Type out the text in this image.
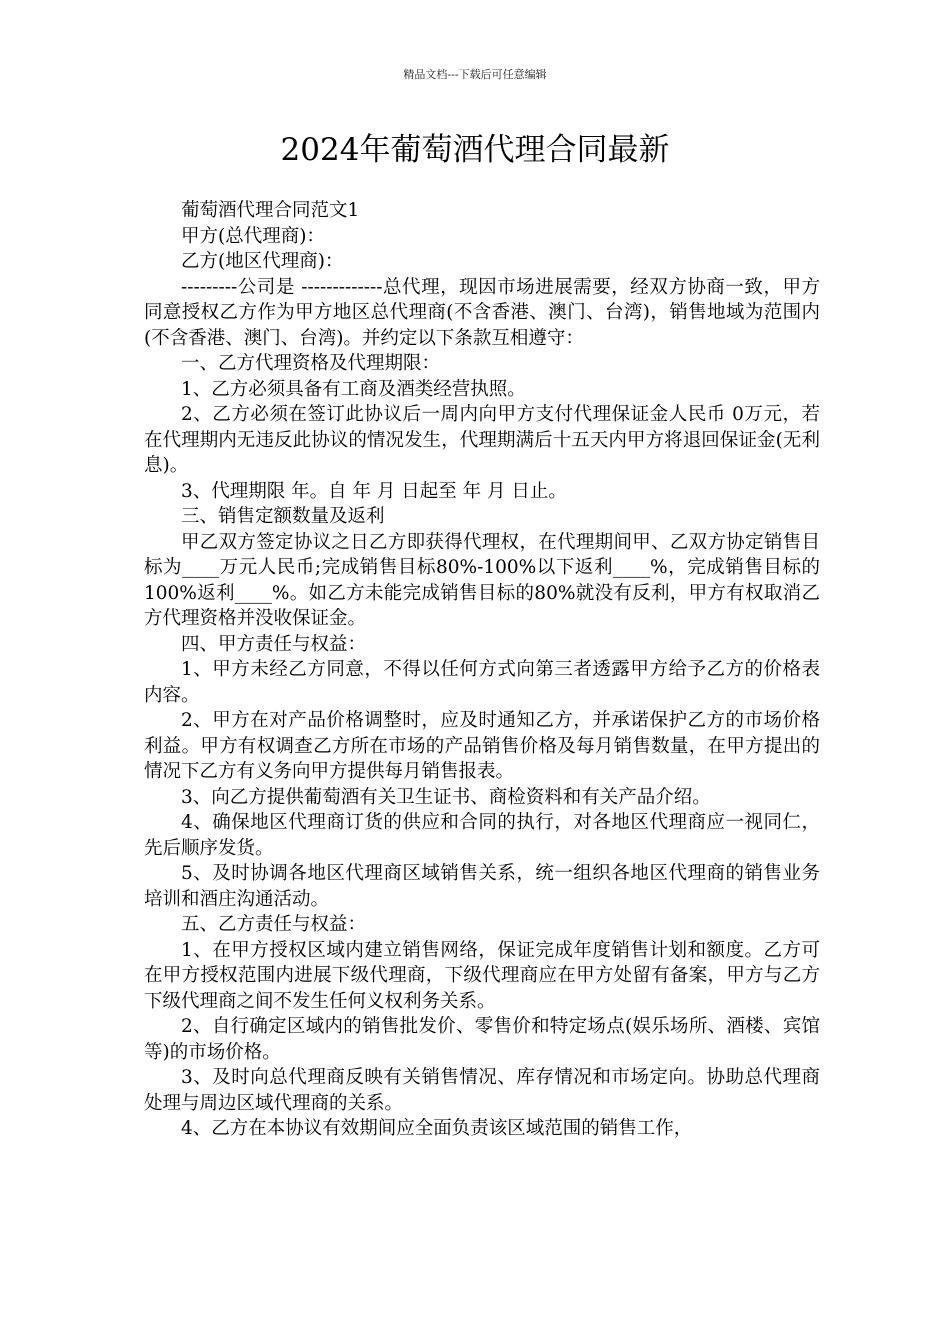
精品文档---下载后可任意编辑
2024年葡萄酒代理合同最新

葡萄酒代理合同范文1

甲方(总代理商)：

乙方(地区代理商)：

---------公司是 -------------总代理，现因市场进展需要，经双方协商一致，甲方同意授权乙方作为甲方地区总代理商(不含香港、澳门、台湾)，销售地域为范围内(不含香港、澳门、台湾)。并约定以下条款互相遵守：

一、乙方代理资格及代理期限：

1、乙方必须具备有工商及酒类经营执照。

2、乙方必须在签订此协议后一周内向甲方支付代理保证金人民币 0万元，若在代理期内无违反此协议的情况发生，代理期满后十五天内甲方将退回保证金(无利息)。

3、代理期限 年。自 年 月 日起至 年 月 日止。

三、销售定额数量及返利

甲乙双方签定协议之日乙方即获得代理权，在代理期间甲、乙双方协定销售目标为____万元人民币;完成销售目标80%-100%以下返利____%，完成销售目标的100%返利____%。如乙方未能完成销售目标的80%就没有反利，甲方有权取消乙方代理资格并没收保证金。

四、甲方责任与权益：

1、甲方未经乙方同意，不得以任何方式向第三者透露甲方给予乙方的价格表内容。

2、甲方在对产品价格调整时，应及时通知乙方，并承诺保护乙方的市场价格利益。甲方有权调查乙方所在市场的产品销售价格及每月销售数量，在甲方提出的情况下乙方有义务向甲方提供每月销售报表。

3、向乙方提供葡萄酒有关卫生证书、商检资料和有关产品介绍。

4、确保地区代理商订货的供应和合同的执行，对各地区代理商应一视同仁，先后顺序发货。

5、及时协调各地区代理商区域销售关系，统一组织各地区代理商的销售业务培训和酒庄沟通活动。

五、乙方责任与权益：

1、在甲方授权区域内建立销售网络，保证完成年度销售计划和额度。乙方可在甲方授权范围内进展下级代理商，下级代理商应在甲方处留有备案，甲方与乙方下级代理商之间不发生任何义权利务关系。

2、自行确定区域内的销售批发价、零售价和特定场点(娱乐场所、酒楼、宾馆等)的市场价格。

3、及时向总代理商反映有关销售情况、库存情况和市场定向。协助总代理商处理与周边区域代理商的关系。

4、乙方在本协议有效期间应全面负责该区域范围的销售工作，
